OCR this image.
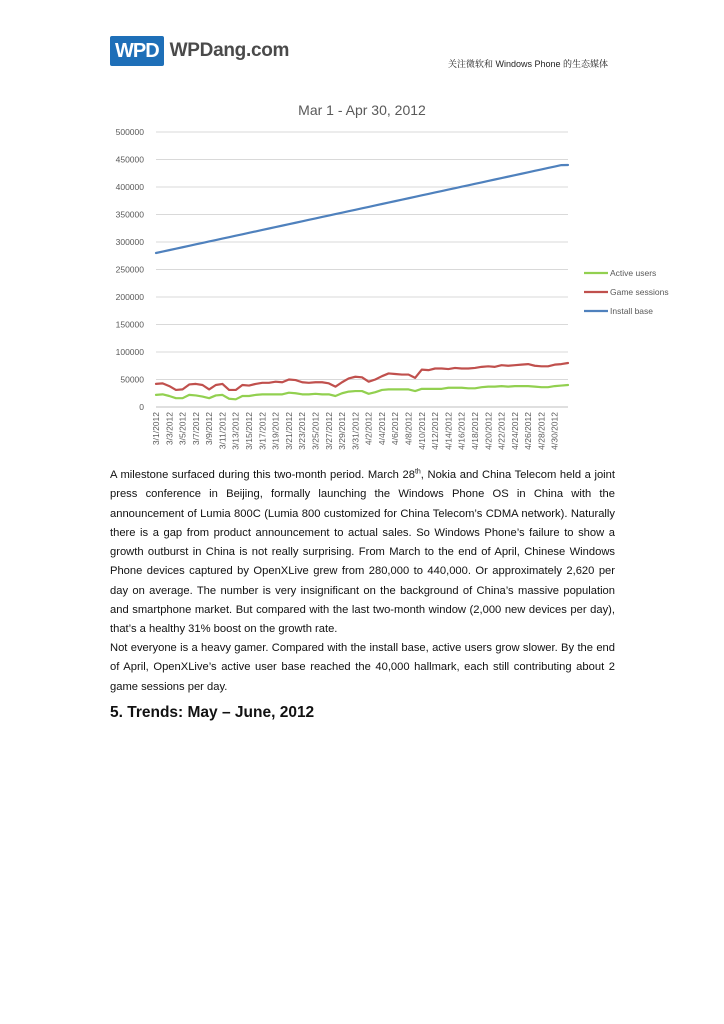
WPD WPDang.com
关注微软和 Windows Phone 的生态媒体
Mar 1 - Apr 30, 2012
0
50000
100000
150000
200000
250000
300000
350000
400000
450000
500000
3/1/2012 3/3/2012 3/5/2012 3/7/2012 3/9/2012 3/11/2012 3/13/2012 3/15/2012 3/17/2012 3/19/2012 3/21/2012 3/23/2012 3/25/2012 3/27/2012 3/29/2012 3/31/2012 4/2/2012 4/4/2012 4/6/2012 4/8/2012 4/10/2012 4/12/2012 4/14/2012 4/16/2012 4/18/2012 4/20/2012 4/22/2012 4/24/2012 4/26/2012 4/28/2012 4/30/2012
Active users
Game sessions
Install base

A milestone surfaced during this two-month period. March 28th, Nokia and China Telecom held a joint press conference in Beijing, formally launching the Windows Phone OS in China with the announcement of Lumia 800C (Lumia 800 customized for China Telecom’s CDMA network). Naturally there is a gap from product announcement to actual sales. So Windows Phone’s failure to show a growth outburst in China is not really surprising. From March to the end of April, Chinese Windows Phone devices captured by OpenXLive grew from 280,000 to 440,000. Or approximately 2,620 per day on average. The number is very insignificant on the background of China’s massive population and smartphone market. But compared with the last two-month window (2,000 new devices per day), that’s a healthy 31% boost on the growth rate.

Not everyone is a heavy gamer. Compared with the install base, active users grow slower. By the end of April, OpenXLive’s active user base reached the 40,000 hallmark, each still contributing about 2 game sessions per day.

5. Trends: May – June, 2012
